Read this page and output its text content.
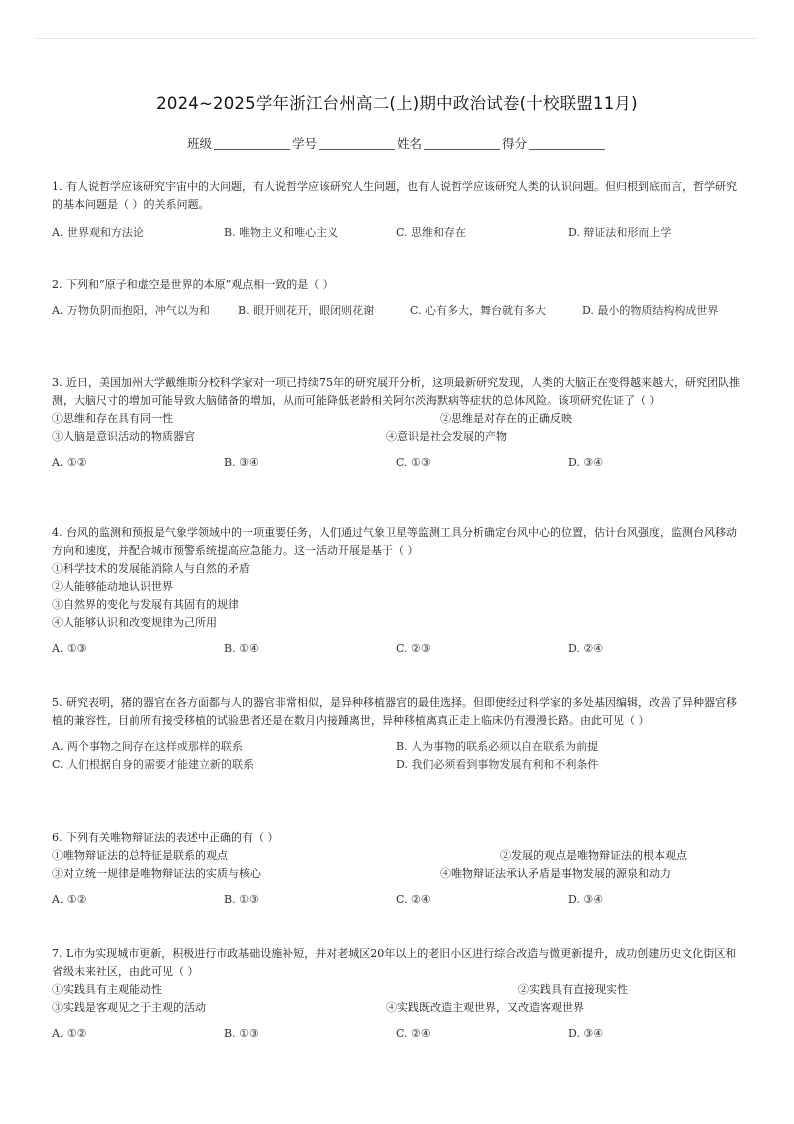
2024~2025学年浙江台州高二(上)期中政治试卷(十校联盟11月)
班级	学号	姓名	得分

1. 有人说哲学应该研究宇宙中的大问题，有人说哲学应该研究人生问题，也有人说哲学应该研究人类的认识问题。但归根到底而言，哲学研究的基本问题是（ ）的关系问题。

A. 世界观和方法论	B. 唯物主义和唯心主义	C. 思维和存在	D. 辩证法和形而上学

2. 下列和“原子和虚空是世界的本原”观点相一致的是（ ）

A. 万物负阴而抱阳，冲气以为和	B. 眼开则花开，眼闭则花谢	C. 心有多大，舞台就有多大	D. 最小的物质结构构成世界

3. 近日，美国加州大学戴维斯分校科学家对一项已持续75年的研究展开分析，这项最新研究发现，人类的大脑正在变得越来越大，研究团队推测，大脑尺寸的增加可能导致大脑储备的增加，从而可能降低老龄相关阿尔茨海默病等症状的总体风险。该项研究佐证了（ ）

①思维和存在具有同一性	②思维是对存在的正确反映
③人脑是意识活动的物质器官	④意识是社会发展的产物
A. ①②	B. ③④	C. ①③	D. ③④

4. 台风的监测和预报是气象学领域中的一项重要任务，人们通过气象卫星等监测工具分析确定台风中心的位置，估计台风强度，监测台风移动方向和速度，并配合城市预警系统提高应急能力。这一活动开展是基于（ ）

①科学技术的发展能消除人与自然的矛盾
②人能够能动地认识世界
③自然界的变化与发展有其固有的规律
④人能够认识和改变规律为己所用
A. ①③	B. ①④	C. ②③	D. ②④

5. 研究表明，猪的器官在各方面都与人的器官非常相似，是异种移植器官的最佳选择。但即使经过科学家的多处基因编辑，改善了异种器官移植的兼容性，目前所有接受移植的试验患者还是在数月内接踵离世，异种移植离真正走上临床仍有漫漫长路。由此可见（ ）

A. 两个事物之间存在这样或那样的联系	B. 人为事物的联系必须以自在联系为前提
C. 人们根据自身的需要才能建立新的联系	D. 我们必须看到事物发展有利和不利条件

6. 下列有关唯物辩证法的表述中正确的有（ ）

①唯物辩证法的总特征是联系的观点	②发展的观点是唯物辩证法的根本观点
③对立统一规律是唯物辩证法的实质与核心	④唯物辩证法承认矛盾是事物发展的源泉和动力
A. ①②	B. ①③	C. ②④	D. ③④

7. L市为实现城市更新，积极进行市政基础设施补短，并对老城区20年以上的老旧小区进行综合改造与微更新提升，成功创建历史文化街区和省级未来社区，由此可见（ ）

①实践具有主观能动性	②实践具有直接现实性
③实践是客观见之于主观的活动	④实践既改造主观世界，又改造客观世界
A. ①②	B. ①③	C. ②④	D. ③④
